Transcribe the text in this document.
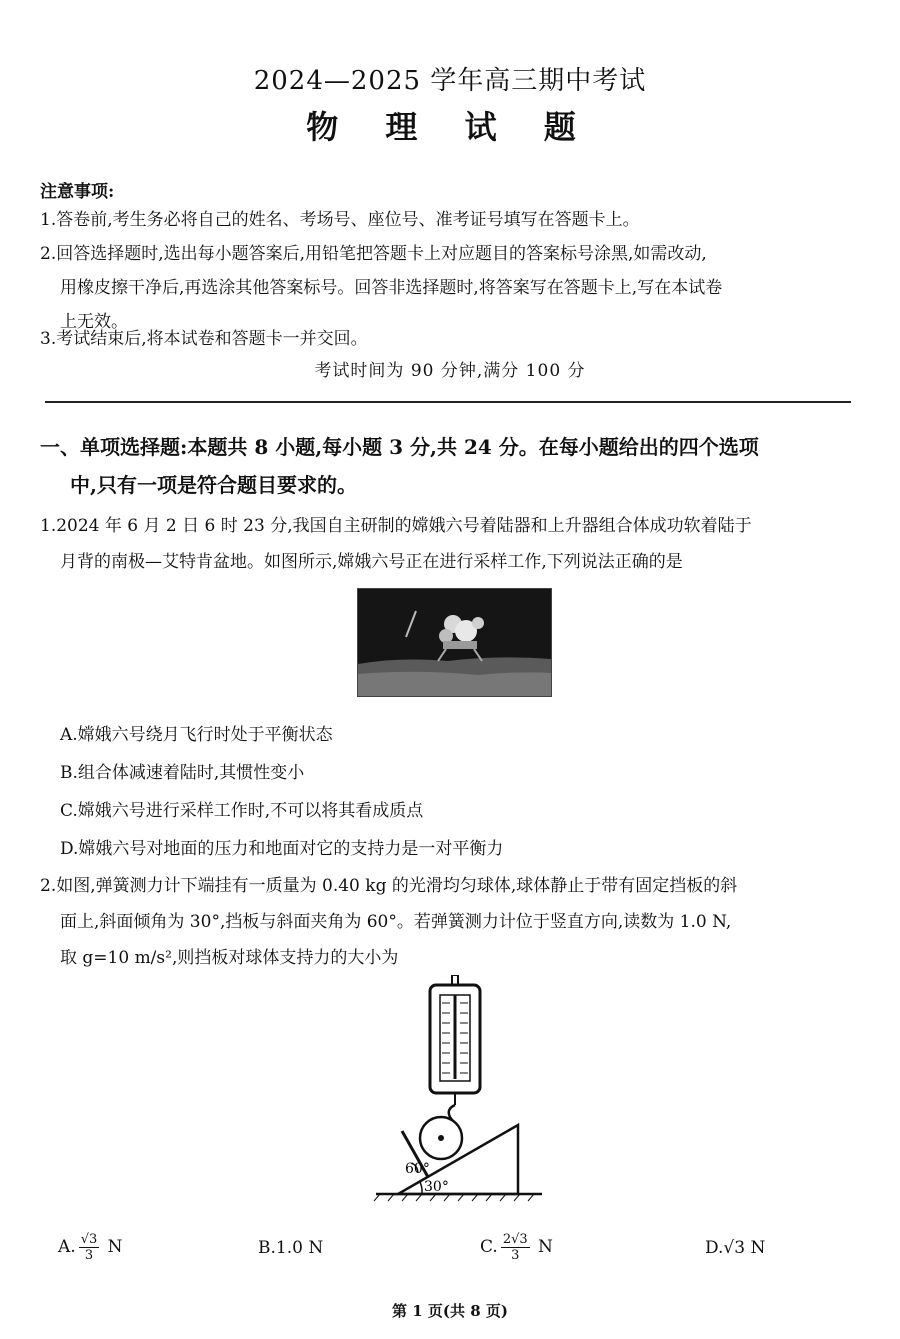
2024—2025 学年高三期中考试
物 理 试 题
注意事项:
1.答卷前,考生务必将自己的姓名、考场号、座位号、准考证号填写在答题卡上。
2.回答选择题时,选出每小题答案后,用铅笔把答题卡上对应题目的答案标号涂黑,如需改动,
用橡皮擦干净后,再选涂其他答案标号。回答非选择题时,将答案写在答题卡上,写在本试卷
上无效。
3.考试结束后,将本试卷和答题卡一并交回。
考试时间为 90 分钟,满分 100 分
一、单项选择题:本题共 8 小题,每小题 3 分,共 24 分。在每小题给出的四个选项
中,只有一项是符合题目要求的。
1.2024 年 6 月 2 日 6 时 23 分,我国自主研制的嫦娥六号着陆器和上升器组合体成功软着陆于
月背的南极—艾特肯盆地。如图所示,嫦娥六号正在进行采样工作,下列说法正确的是
A.嫦娥六号绕月飞行时处于平衡状态
B.组合体减速着陆时,其惯性变小
C.嫦娥六号进行采样工作时,不可以将其看成质点
D.嫦娥六号对地面的压力和地面对它的支持力是一对平衡力
2.如图,弹簧测力计下端挂有一质量为 0.40 kg 的光滑均匀球体,球体静止于带有固定挡板的斜
面上,斜面倾角为 30°,挡板与斜面夹角为 60°。若弹簧测力计位于竖直方向,读数为 1.0 N,
取 g=10 m/s²,则挡板对球体支持力的大小为
60°
30°
A. $\frac{√3}{3}$ N	B.1.0 N	C. $\frac{2√3}{3}$ N	D.√3 N
第 1 页(共 8 页)
